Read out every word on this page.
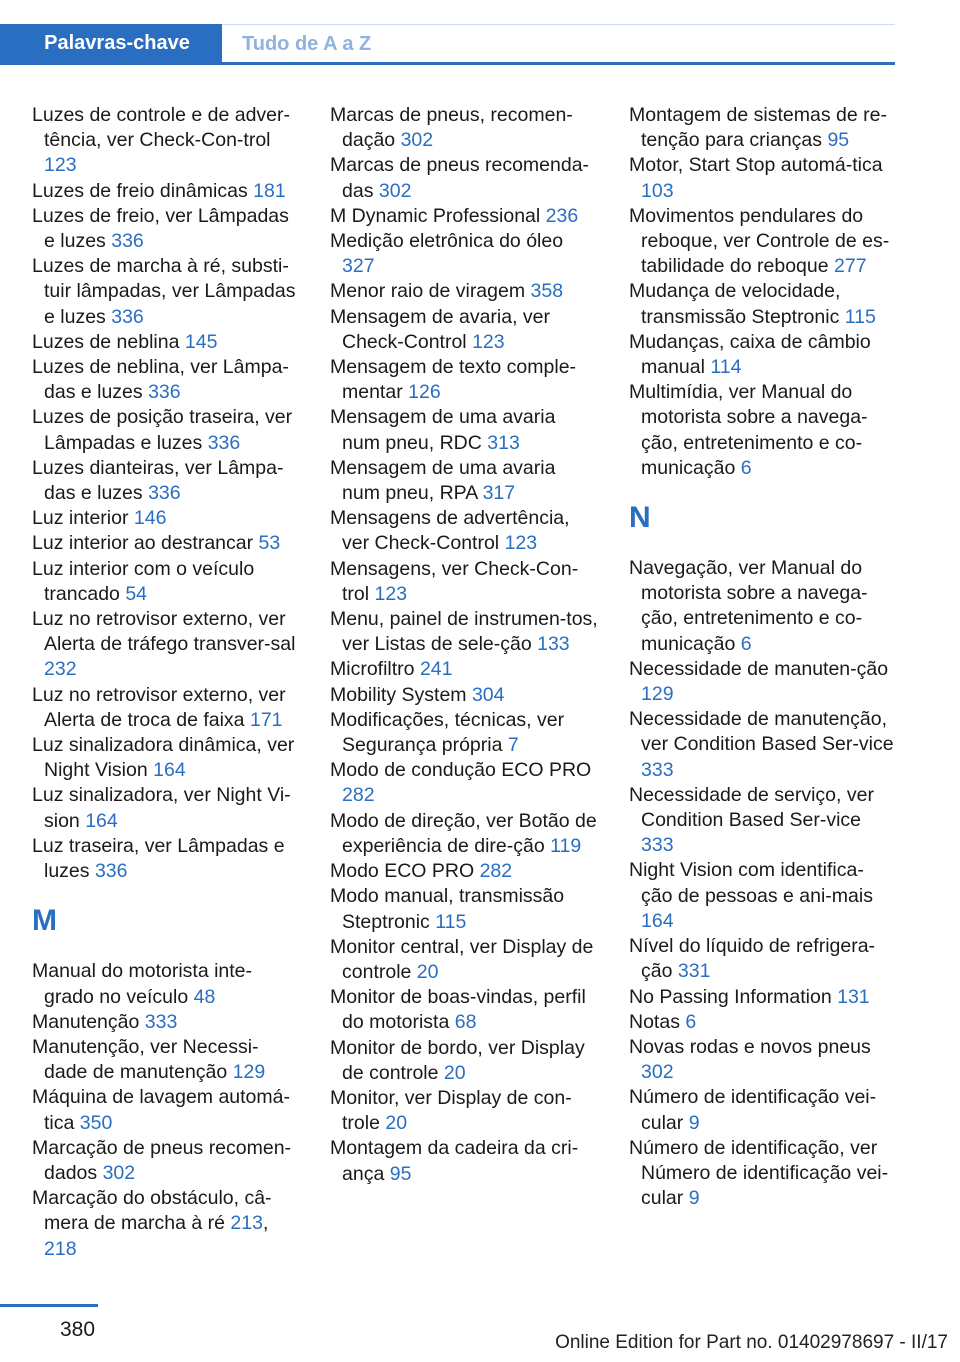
Palavras-chave	Tudo de A a Z

Luzes de controle e de adver-tência, ver Check-Con-trol 123

Luzes de freio dinâmicas 181

Luzes de freio, ver Lâmpadas e luzes 336

Luzes de marcha à ré, substi-tuir lâmpadas, ver Lâmpadas e luzes 336

Luzes de neblina 145

Luzes de neblina, ver Lâmpa-das e luzes 336

Luzes de posição traseira, ver Lâmpadas e luzes 336

Luzes dianteiras, ver Lâmpa-das e luzes 336

Luz interior 146

Luz interior ao destrancar 53

Luz interior com o veículo trancado 54

Luz no retrovisor externo, ver Alerta de tráfego transver-sal 232

Luz no retrovisor externo, ver Alerta de troca de faixa 171

Luz sinalizadora dinâmica, ver Night Vision 164

Luz sinalizadora, ver Night Vi-sion 164

Luz traseira, ver Lâmpadas e luzes 336

M

Manual do motorista inte-grado no veículo 48

Manutenção 333

Manutenção, ver Necessi-dade de manutenção 129

Máquina de lavagem automá-tica 350

Marcação de pneus recomen-dados 302

Marcação do obstáculo, câ-mera de marcha à ré 213, 218

Marcas de pneus, recomen-dação 302

Marcas de pneus recomenda-das 302

M Dynamic Professional 236

Medição eletrônica do óleo 327

Menor raio de viragem 358

Mensagem de avaria, ver Check-Control 123

Mensagem de texto comple-mentar 126

Mensagem de uma avaria num pneu, RDC 313

Mensagem de uma avaria num pneu, RPA 317

Mensagens de advertência, ver Check-Control 123

Mensagens, ver Check-Con-trol 123

Menu, painel de instrumen-tos, ver Listas de sele-ção 133

Microfiltro 241

Mobility System 304

Modificações, técnicas, ver Segurança própria 7

Modo de condução ECO PRO 282

Modo de direção, ver Botão de experiência de dire-ção 119

Modo ECO PRO 282

Modo manual, transmissão Steptronic 115

Monitor central, ver Display de controle 20

Monitor de boas-vindas, perfil do motorista 68

Monitor de bordo, ver Display de controle 20

Monitor, ver Display de con-trole 20

Montagem da cadeira da cri-ança 95

Montagem de sistemas de re-tenção para crianças 95

Motor, Start Stop automá-tica 103

Movimentos pendulares do reboque, ver Controle de es-tabilidade do reboque 277

Mudança de velocidade, transmissão Steptronic 115

Mudanças, caixa de câmbio manual 114

Multimídia, ver Manual do motorista sobre a navega-ção, entretenimento e co-municação 6

N

Navegação, ver Manual do motorista sobre a navega-ção, entretenimento e co-municação 6

Necessidade de manuten-ção 129

Necessidade de manutenção, ver Condition Based Ser-vice 333

Necessidade de serviço, ver Condition Based Ser-vice 333

Night Vision com identifica-ção de pessoas e ani-mais 164

Nível do líquido de refrigera-ção 331

No Passing Information 131

Notas 6

Novas rodas e novos pneus 302

Número de identificação vei-cular 9

Número de identificação, ver Número de identificação vei-cular 9

380
Online Edition for Part no. 01402978697 - II/17
